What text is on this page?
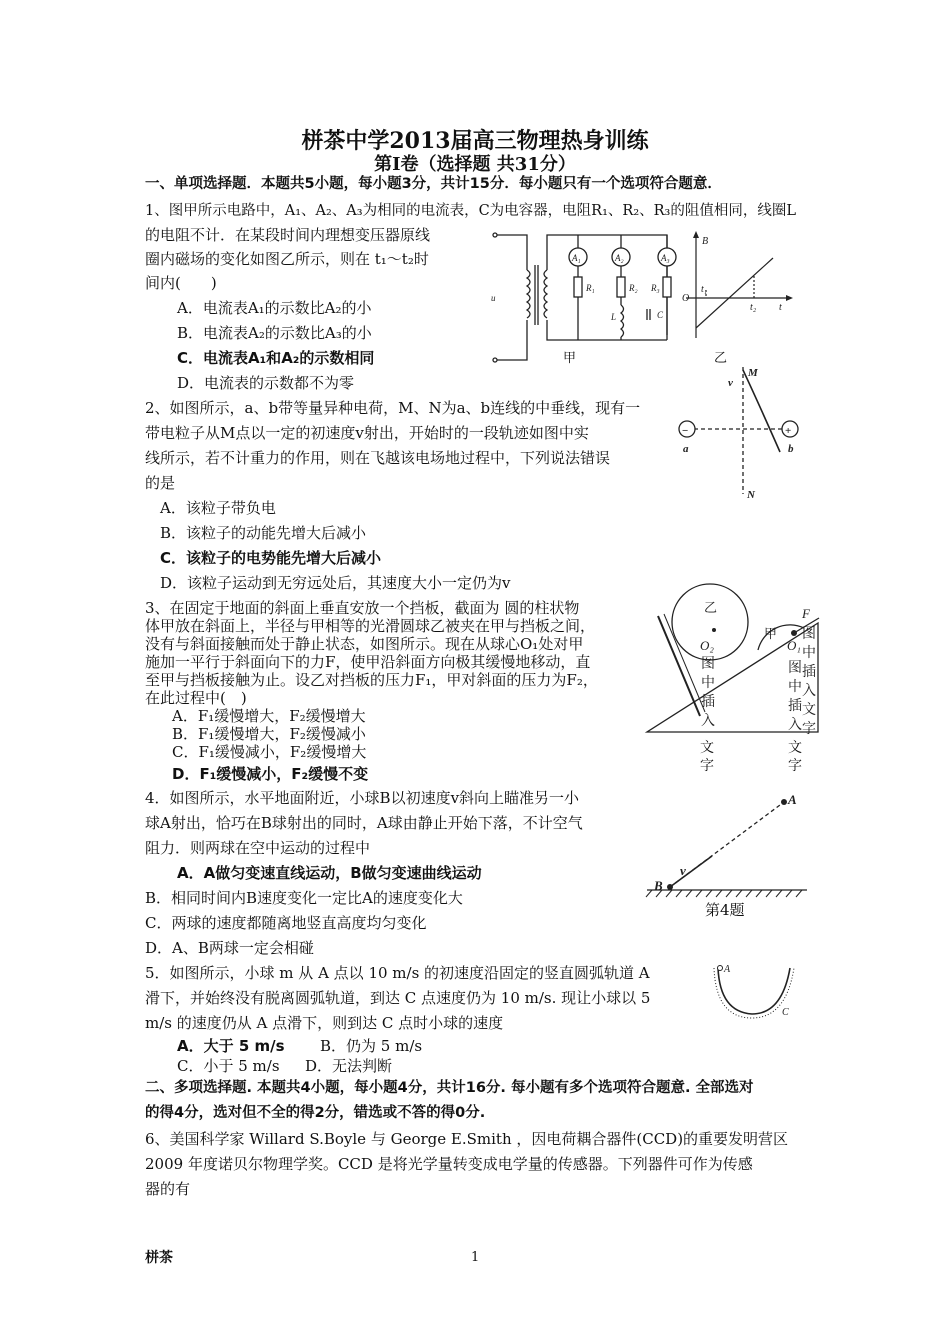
栟茶中学2013届高三物理热身训练
第Ⅰ卷（选择题 共31分）
一、单项选择题．本题共5小题，每小题3分，共计15分．每小题只有一个选项符合题意．
1、图甲所示电路中，A₁、A₂、A₃为相同的电流表，C为电容器，电阻R₁、R₂、R₃的阻值相同，线圈L
的电阻不计．在某段时间内理想变压器原线
圈内磁场的变化如图乙所示，则在 t₁～t₂时
间内(　　)
A．电流表A₁的示数比A₂的小
B．电流表A₂的示数比A₃的小
C．电流表A₁和A₂的示数相同
D．电流表的示数都不为零
u
A₁	A₂	A₃
R₁	R₂ R₃
L	C
甲
B
O
t₁
t₂ t
乙
2、如图所示，a、b带等量异种电荷，M、N为a、b连线的中垂线，现有一
带电粒子从M点以一定的初速度v射出，开始时的一段轨迹如图中实
线所示，若不计重力的作用，则在飞越该电场地过程中，下列说法错误
的是
A．该粒子带负电
B．该粒子的动能先增大后减小
C．该粒子的电势能先增大后减小
D．该粒子运动到无穷远处后，其速度大小一定仍为v
M
N
v
a	b
−	+
3、在固定于地面的斜面上垂直安放一个挡板，截面为 圆的柱状物
体甲放在斜面上，半径与甲相等的光滑圆球乙被夹在甲与挡板之间，
没有与斜面接触而处于静止状态，如图所示。现在从球心O₁处对甲
施加一平行于斜面向下的力F，使甲沿斜面方向极其缓慢地移动，直
至甲与挡板接触为止。设乙对挡板的压力F₁，甲对斜面的压力为F₂，
在此过程中(　)
A．F₁缓慢增大，F₂缓慢增大
B．F₁缓慢增大，F₂缓慢减小
C．F₁缓慢减小，F₂缓慢增大
D．F₁缓慢减小，F₂缓慢不变
乙
甲
O₂	O₁
F
图
中
插
入
图
中
插
入
文
字
图
中
插
入
文
字
文
字
4．如图所示，水平地面附近，小球B以初速度v斜向上瞄准另一小
球A射出，恰巧在B球射出的同时，A球由静止开始下落，不计空气
阻力．则两球在空中运动的过程中
A．A做匀变速直线运动，B做匀变速曲线运动
B．相同时间内B速度变化一定比A的速度变化大
C．两球的速度都随离地竖直高度均匀变化
D．A、B两球一定会相碰
A
B
v
第4题
5．如图所示，小球 m 从 A 点以 10 m/s 的初速度沿固定的竖直圆弧轨道 A
滑下，并始终没有脱离圆弧轨道，到达 C 点速度仍为 10 m/s. 现让小球以 5
m/s 的速度仍从 A 点滑下，则到达 C 点时小球的速度
A．大于 5 m/s B．仍为 5 m/s
C．小于 5 m/s D．无法判断
A
C
二、多项选择题. 本题共4小题，每小题4分，共计16分. 每小题有多个选项符合题意. 全部选对
的得4分，选对但不全的得2分，错选或不答的得0分.
6、美国科学家 Willard S.Boyle 与 George E.Smith ，因电荷耦合器件(CCD)的重要发明营区
2009 年度诺贝尔物理学奖。CCD 是将光学量转变成电学量的传感器。下列器件可作为传感
器的有
栟茶	1
